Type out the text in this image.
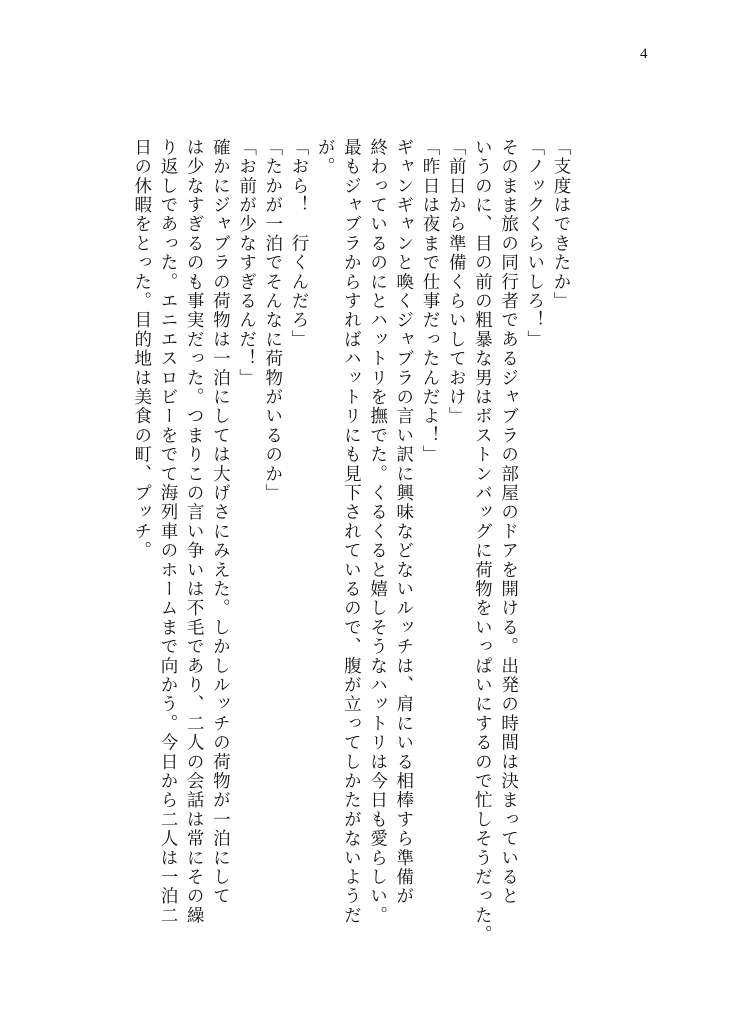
4

「支度はできたか」

「ノックくらいしろ！」

そのまま旅の同行者であるジャブラの部屋のドアを開ける。出発の時間は決まっていると

いうのに、目の前の粗暴な男はボストンバッグに荷物をいっぱいにするので忙しそうだった。

「前日から準備くらいしておけ」

「昨日は夜まで仕事だったんだよ！」

ギャンギャンと喚くジャブラの言い訳に興味などないルッチは、肩にいる相棒すら準備が

終わっているのにとハットリを撫でた。くるくると嬉しそうなハットリは今日も愛らしい。

最もジャブラからすればハットリにも見下されているので、腹が立ってしかたがないようだ

が。

「おら！　行くんだろ」

「たかが一泊でそんなに荷物がいるのか」

「お前が少なすぎるんだ！」

確かにジャブラの荷物は一泊にしては大げさにみえた。しかしルッチの荷物が一泊にして

は少なすぎるのも事実だった。つまりこの言い争いは不毛であり、二人の会話は常にその繰

り返しであった。エニエスロビーをでて海列車のホームまで向かう。今日から二人は一泊二

日の休暇をとった。目的地は美食の町、プッチ。
